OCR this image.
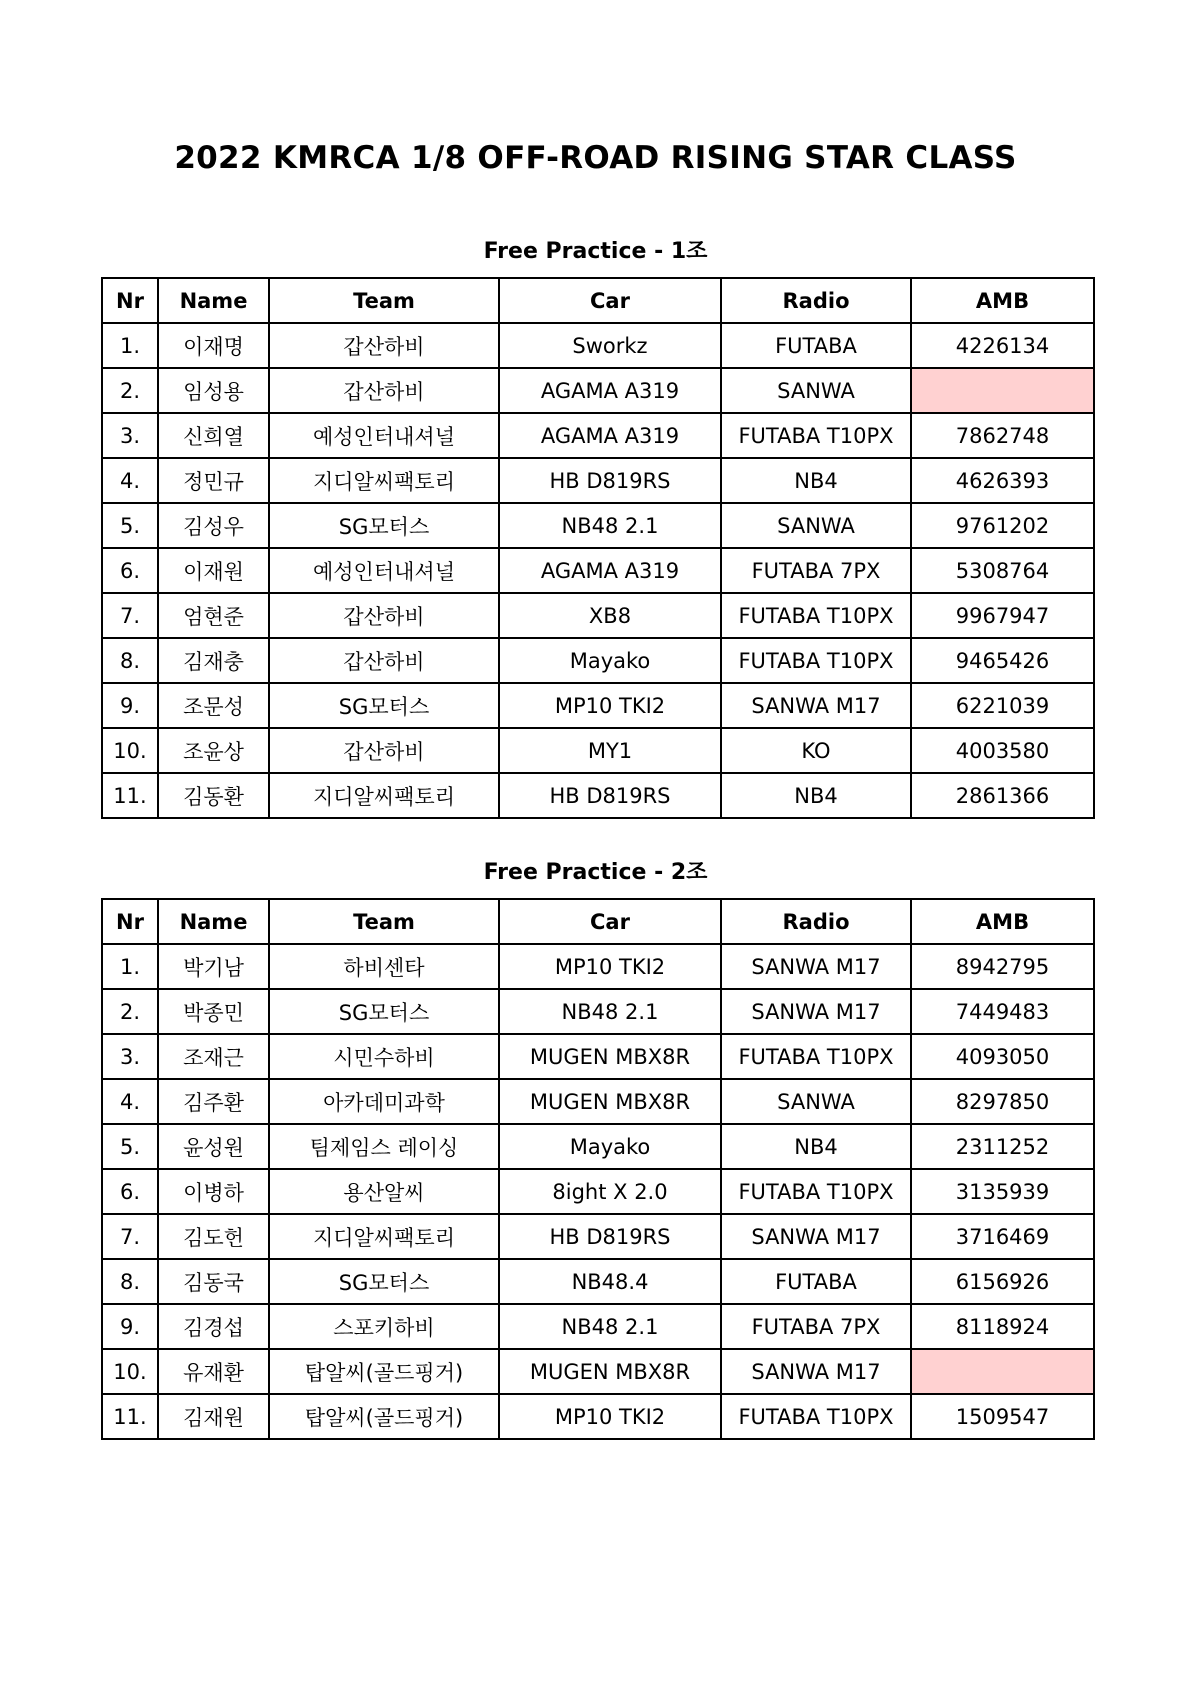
2022 KMRCA 1/8 OFF-ROAD RISING STAR CLASS
Free Practice - 1조
Nr	Name	Team	Car	Radio	AMB
1.	이재명	갑산하비	Sworkz	FUTABA	4226134
2.	임성용	갑산하비	AGAMA A319	SANWA	
3.	신희열	예성인터내셔널	AGAMA A319	FUTABA T10PX	7862748
4.	정민규	지디알씨팩토리	HB D819RS	NB4	4626393
5.	김성우	SG모터스	NB48 2.1	SANWA	9761202
6.	이재원	예성인터내셔널	AGAMA A319	FUTABA 7PX	5308764
7.	엄현준	갑산하비	XB8	FUTABA T10PX	9967947
8.	김재충	갑산하비	Mayako	FUTABA T10PX	9465426
9.	조문성	SG모터스	MP10 TKI2	SANWA M17	6221039
10.	조윤상	갑산하비	MY1	KO	4003580
11.	김동환	지디알씨팩토리	HB D819RS	NB4	2861366
Free Practice - 2조
Nr	Name	Team	Car	Radio	AMB
1.	박기남	하비센타	MP10 TKI2	SANWA M17	8942795
2.	박종민	SG모터스	NB48 2.1	SANWA M17	7449483
3.	조재근	시민수하비	MUGEN MBX8R	FUTABA T10PX	4093050
4.	김주환	아카데미과학	MUGEN MBX8R	SANWA	8297850
5.	윤성원	팀제임스 레이싱	Mayako	NB4	2311252
6.	이병하	용산알씨	8ight X 2.0	FUTABA T10PX	3135939
7.	김도헌	지디알씨팩토리	HB D819RS	SANWA M17	3716469
8.	김동국	SG모터스	NB48.4	FUTABA	6156926
9.	김경섭	스포키하비	NB48 2.1	FUTABA 7PX	8118924
10.	유재환	탑알씨(골드핑거)	MUGEN MBX8R	SANWA M17	
11.	김재원	탑알씨(골드핑거)	MP10 TKI2	FUTABA T10PX	1509547
